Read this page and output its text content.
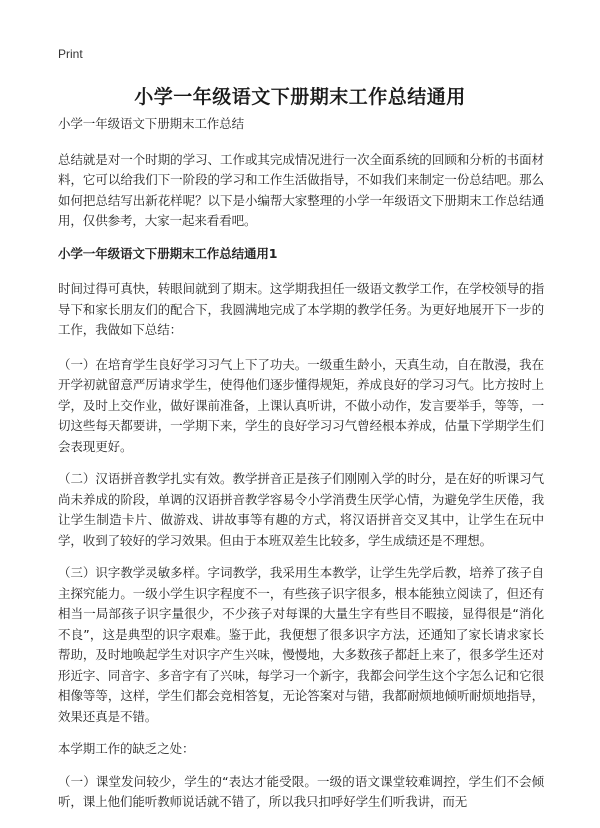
Print
小学一年级语文下册期末工作总结通用

小学一年级语文下册期末工作总结

总结就是对一个时期的学习、工作或其完成情况进行一次全面系统的回顾和分析的书面材料，它可以给我们下一阶段的学习和工作生活做指导，不如我们来制定一份总结吧。那么如何把总结写出新花样呢？以下是小编帮大家整理的小学一年级语文下册期末工作总结通用，仅供参考，大家一起来看看吧。

小学一年级语文下册期末工作总结通用1

时间过得可真快，转眼间就到了期末。这学期我担任一级语文教学工作，在学校领导的指导下和家长朋友们的配合下，我圆满地完成了本学期的教学任务。为更好地展开下一步的工作，我做如下总结：

（一）在培育学生良好学习习气上下了功夫。一级重生龄小，天真生动，自在散漫，我在开学初就留意严厉请求学生，使得他们逐步懂得规矩，养成良好的学习习气。比方按时上学，及时上交作业，做好课前准备，上课认真听讲，不做小动作，发言要举手，等等，一切这些每天都要讲，一学期下来，学生的良好学习习气曾经根本养成，估量下学期学生们会表现更好。

（二）汉语拼音教学扎实有效。教学拼音正是孩子们刚刚入学的时分，是在好的听课习气尚未养成的阶段，单调的汉语拼音教学容易令小学消费生厌学心情，为避免学生厌倦，我让学生制造卡片、做游戏、讲故事等有趣的方式，将汉语拼音交叉其中，让学生在玩中学，收到了较好的学习效果。但由于本班双差生比较多，学生成绩还是不理想。

（三）识字教学灵敏多样。字词教学，我采用生本教学，让学生先学后教，培养了孩子自主探究能力。一级小学生识字程度不一，有些孩子识字很多，根本能独立阅读了，但还有相当一局部孩子识字量很少，不少孩子对每课的大量生字有些目不暇接，显得很是“消化不良”，这是典型的识字艰难。鉴于此，我便想了很多识字方法，还通知了家长请求家长帮助，及时地唤起学生对识字产生兴味，慢慢地，大多数孩子都赶上来了，很多学生还对形近字、同音字、多音字有了兴味，每学习一个新字，我都会问学生这个字怎么记和它很相像等等，这样，学生们都会竞相答复，无论答案对与错，我都耐烦地倾听耐烦地指导，效果还真是不错。

本学期工作的缺乏之处：

（一）课堂发问较少，学生的“表达才能受限。一级的语文课堂较难调控，学生们不会倾听，课上他们能听教师说话就不错了，所以我只扣呼好学生们听我讲，而无
